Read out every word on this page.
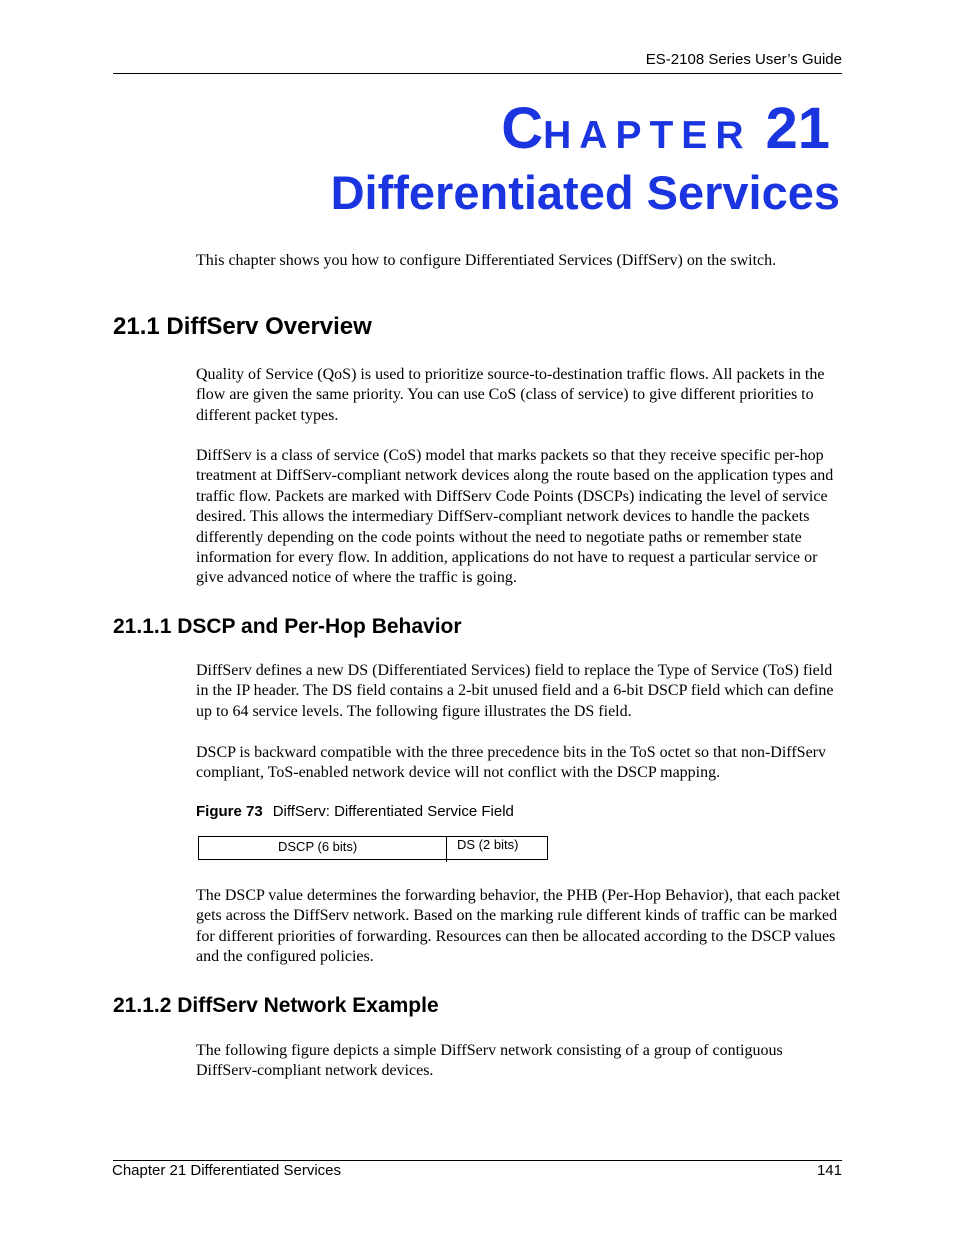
ES-2108 Series User’s Guide
CHAPTER 21
Differentiated Services
This chapter shows you how to configure Differentiated Services (DiffServ) on the switch.
21.1 DiffServ Overview
Quality of Service (QoS) is used to prioritize source-to-destination traffic flows. All packets in the flow are given the same priority. You can use CoS (class of service) to give different priorities to different packet types.
DiffServ is a class of service (CoS) model that marks packets so that they receive specific per-hop treatment at DiffServ-compliant network devices along the route based on the application types and traffic flow. Packets are marked with DiffServ Code Points (DSCPs) indicating the level of service desired. This allows the intermediary DiffServ-compliant network devices to handle the packets differently depending on the code points without the need to negotiate paths or remember state information for every flow. In addition, applications do not have to request a particular service or give advanced notice of where the traffic is going.
21.1.1 DSCP and Per-Hop Behavior
DiffServ defines a new DS (Differentiated Services) field to replace the Type of Service (ToS) field in the IP header. The DS field contains a 2-bit unused field and a 6-bit DSCP field which can define up to 64 service levels. The following figure illustrates the DS field.
DSCP is backward compatible with the three precedence bits in the ToS octet so that non-DiffServ compliant, ToS-enabled network device will not conflict with the DSCP mapping.
Figure 73 DiffServ: Differentiated Service Field
DSCP (6 bits)	DS (2 bits)
The DSCP value determines the forwarding behavior, the PHB (Per-Hop Behavior), that each packet gets across the DiffServ network. Based on the marking rule different kinds of traffic can be marked for different priorities of forwarding. Resources can then be allocated according to the DSCP values and the configured policies.
21.1.2 DiffServ Network Example
The following figure depicts a simple DiffServ network consisting of a group of contiguous DiffServ-compliant network devices.
Chapter 21 Differentiated Services	141
